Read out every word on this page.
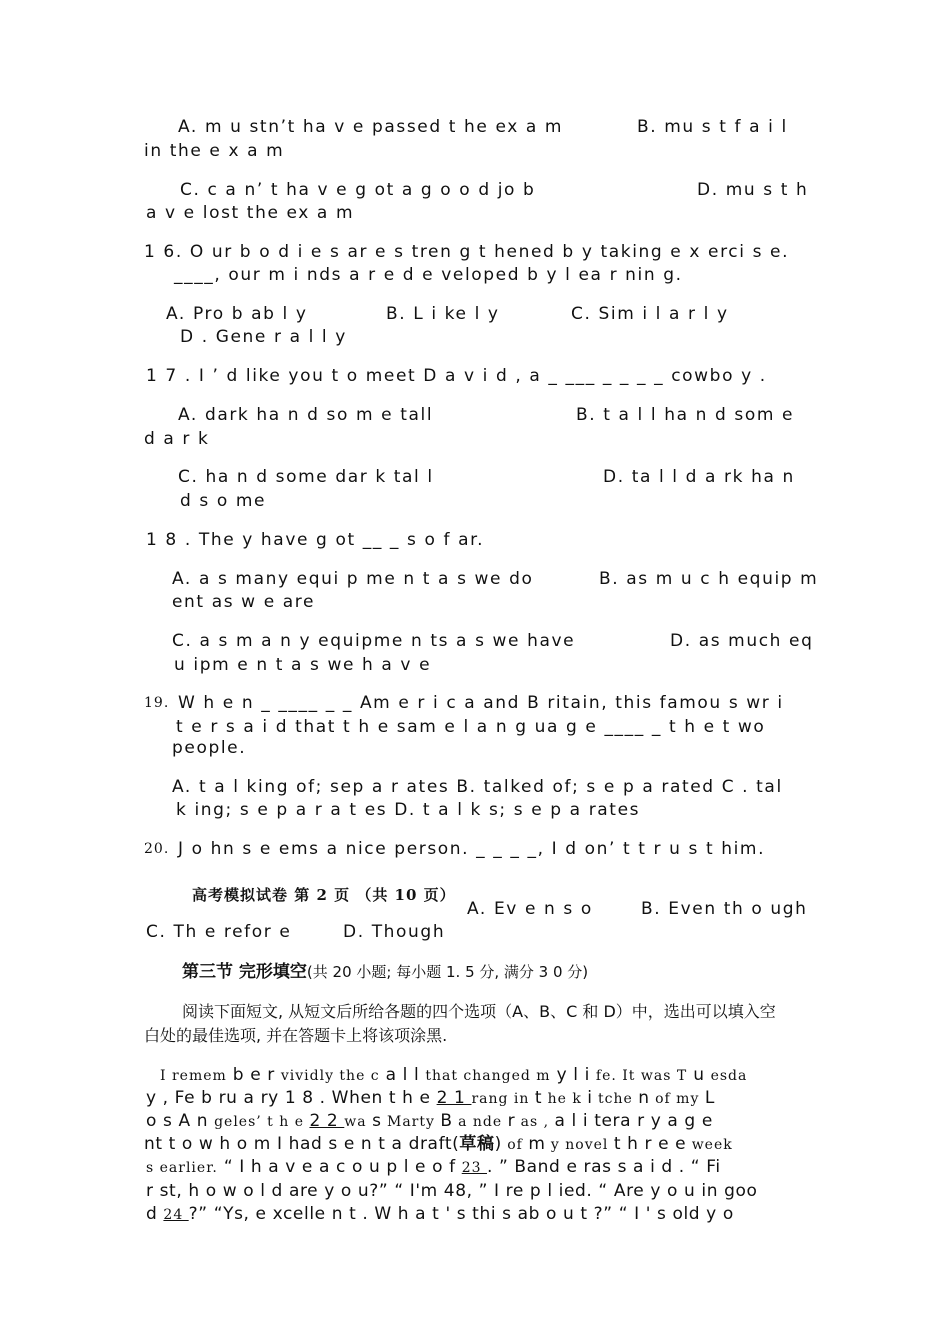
A. m u stn’t ha v e passed t he ex a m	B. mu s t f a i l
in the e x a m
C. c a n’ t ha v e g ot a g o o d jo b	D. mu s t h
a v e lost the ex a m
1 6. O ur b o d i e s ar e s tren g t hened b y taking e x erci s e.
____, our m i nds a r e d e veloped b y l ea r nin g.
A. Pro b ab l y	B. L i ke l y	C. Sim i l a r l y
D . Gene r a l l y
1 7 . I ’ d like you t o meet D a v i d , a _ ___ _ _ _ _ cowbo y .
A. dark ha n d so m e tall	B. t a l l ha n d som e
d a r k
C. ha n d some dar k tal l	D. ta l l d a rk ha n
d s o me
1 8 . The y have g ot __ _ s o f ar.
A. a s many equi p me n t a s we do	B. as m u c h equip m
ent as w e are
C. a s m a n y equipme n ts a s we have	D. as much eq
u ipm e n t a s we h a v e
19. W h e n _ ____ _ _ Am e r i c a and B ritain, this famou s wr i
t e r s a i d that t h e sam e l a n g ua g e ____ _ t h e t wo
people.
A. t a l king of; sep a r ates B. talked of; s e p a rated C . tal
k ing; s e p a r a t es D. t a l k s; s e p a rates
20. J o hn s e ems a nice person. _ _ _ _, I d on’ t t r u s t him.
高考模拟试卷 第 2 页 （共 10 页）
A. Ev e n s o	B. Even th o ugh
C. Th e refor e	D. Though
第三节 完形填空(共 20 小题; 每小题 1. 5 分, 满分 3 0 分)
阅读下面短文, 从短文后所给各题的四个选项（A、B、C 和 D）中，选出可以填入空
白处的最佳选项, 并在答题卡上将该项涂黑.
I remem b e r vividly the c a l l that changed m y l i fe. It was T u esda
y , Fe b ru a ry 1 8 . When t h e 2 1 rang in t he k i tche n of my L
o s A n geles’ t h e 2 2 wa s Marty B a nde r as , a l i tera r y a g e
nt t o w h o m I had s e n t a draft(草稿) of m y novel t h r e e week
s earlier. “ I h a v e a c o u p l e o f 23 . ” Band e ras s a i d . “ Fi
r st, h o w o l d are y o u?” “ I'm 48, ” I re p l ied. “ Are y o u in goo
d 24 ?” “Ys, e xcelle n t . W h a t ' s thi s ab o u t ?” “ I ' s old y o
